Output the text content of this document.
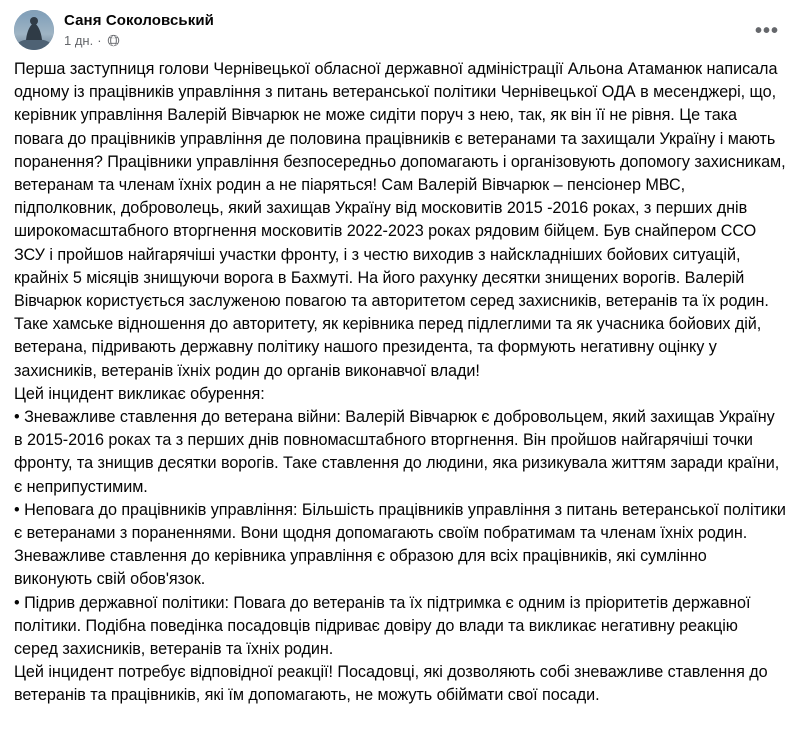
Саня Соколовський
1 дн. ·	•••

Перша заступниця голови Чернівецької обласної державної адміністрації Альона Атаманюк написала одному із працівників управління з питань ветеранської політики Чернівецької ОДА в месенджері, що, керівник управління Валерій Вівчарюк не може сидіти поруч з нею, так, як він її не рівня. Це така повага до працівників управління де половина працівників є ветеранами та захищали Україну і мають поранення? Працівники управління безпосередньо допомагають і організовують допомогу захисникам, ветеранам та членам їхніх родин а не піаряться! Сам Валерій Вівчарюк – пенсіонер МВС, підполковник, доброволець, який захищав Україну від московитів 2015 -2016 роках, з перших днів широкомасштабного вторгнення московитів 2022-2023 роках рядовим бійцем. Був снайпером ССО ЗСУ і пройшов найгарячіші участки фронту, і з честю виходив з найскладніших бойових ситуацій, крайніх 5 місяців знищуючи ворога в Бахмуті. На його рахунку десятки знищених ворогів. Валерій Вівчарюк користується заслуженою повагою та авторитетом серед захисників, ветеранів та їх родин. Таке хамське відношення до авторитету, як керівника перед підлеглими та як учасника бойових дій, ветерана, підривають державну політику нашого президента, та формують негативну оцінку у захисників, ветеранів їхніх родин до органів виконавчої влади!

Цей інцидент викликає обурення:

• Зневажливе ставлення до ветерана війни: Валерій Вівчарюк є добровольцем, який захищав Україну в 2015-2016 роках та з перших днів повномасштабного вторгнення. Він пройшов найгарячіші точки фронту, та знищив десятки ворогів. Таке ставлення до людини, яка ризикувала життям заради країни, є неприпустимим.

• Неповага до працівників управління: Більшість працівників управління з питань ветеранської політики є ветеранами з пораненнями. Вони щодня допомагають своїм побратимам та членам їхніх родин. Зневажливе ставлення до керівника управління є образою для всіх працівників, які сумлінно виконують свій обов'язок.

• Підрив державної політики: Повага до ветеранів та їх підтримка є одним із пріоритетів державної політики. Подібна поведінка посадовців підриває довіру до влади та викликає негативну реакцію серед захисників, ветеранів та їхніх родин.

Цей інцидент потребує відповідної реакції! Посадовці, які дозволяють собі зневажливе ставлення до ветеранів та працівників, які їм допомагають, не можуть обіймати свої посади.
